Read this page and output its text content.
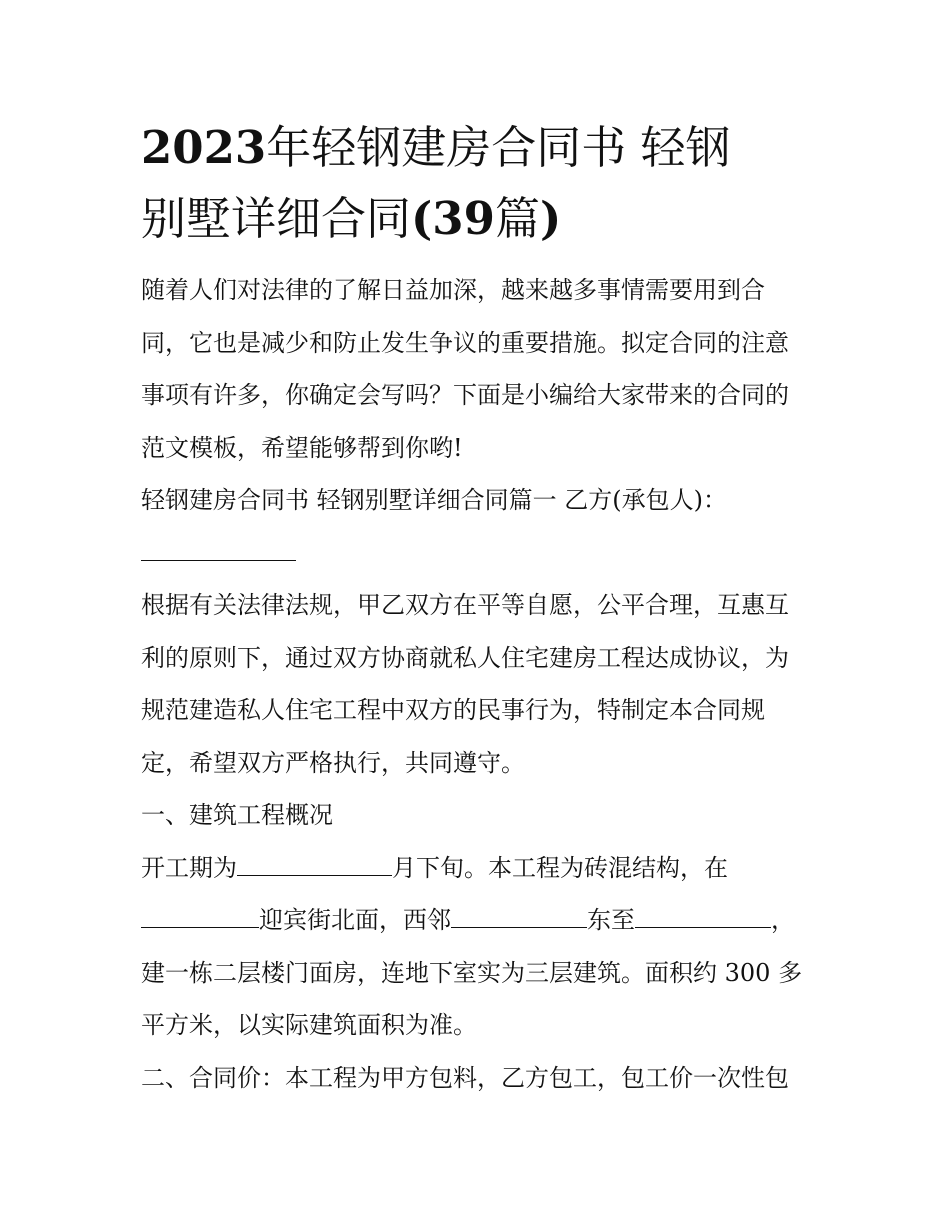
2023年轻钢建房合同书 轻钢
别墅详细合同(39篇)

随着人们对法律的了解日益加深，越来越多事情需要用到合
同，它也是减少和防止发生争议的重要措施。拟定合同的注意
事项有许多，你确定会写吗？下面是小编给大家带来的合同的
范文模板，希望能够帮到你哟!

轻钢建房合同书 轻钢别墅详细合同篇一 乙方(承包人)：

根据有关法律法规，甲乙双方在平等自愿，公平合理，互惠互
利的原则下，通过双方协商就私人住宅建房工程达成协议，为
规范建造私人住宅工程中双方的民事行为，特制定本合同规
定，希望双方严格执行，共同遵守。

一、建筑工程概况
开工期为	月下旬。本工程为砖混结构，在
迎宾街北面，西邻	东至	，
建一栋二层楼门面房，连地下室实为三层建筑。面积约 300 多
平方米，以实际建筑面积为准。

二、合同价：本工程为甲方包料，乙方包工，包工价一次性包
